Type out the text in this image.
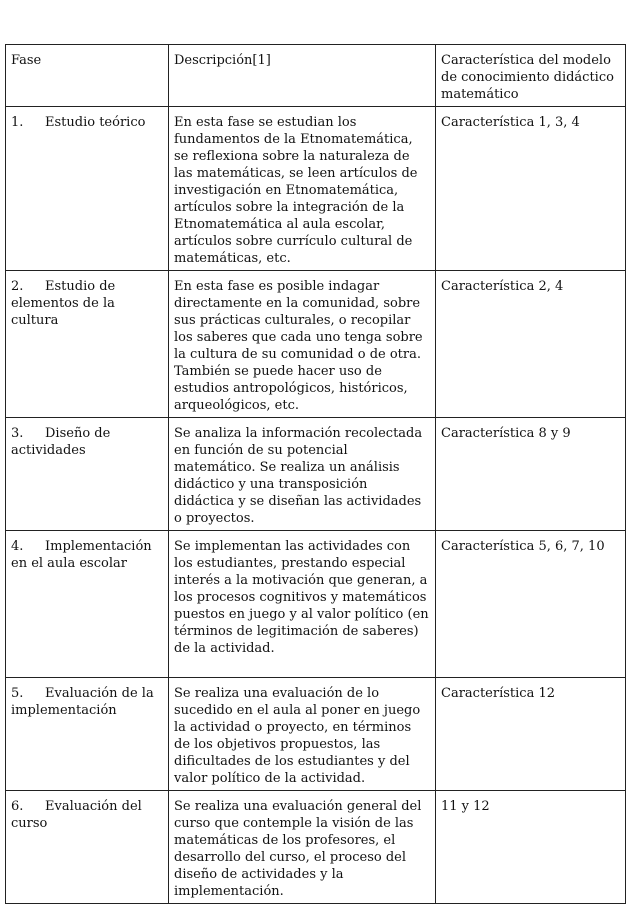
Fase	Descripción[1]	Característica del modelo de conocimiento didáctico matemático
1. Estudio teórico	En esta fase se estudian los fundamentos de la Etnomatemática, se reflexiona sobre la naturaleza de las matemáticas, se leen artículos de investigación en Etnomatemática, artículos sobre la integración de la Etnomatemática al aula escolar, artículos sobre currículo cultural de matemáticas, etc.	Característica 1, 3, 4
2. Estudio de elementos de la cultura	En esta fase es posible indagar directamente en la comunidad, sobre sus prácticas culturales, o recopilar los saberes que cada uno tenga sobre la cultura de su comunidad o de otra. También se puede hacer uso de estudios antropológicos, históricos, arqueológicos, etc.	Característica 2, 4
3. Diseño de actividades	Se analiza la información recolectada en función de su potencial matemático. Se realiza un análisis didáctico y una transposición didáctica y se diseñan las actividades o proyectos.	Característica 8 y 9
4. Implementación en el aula escolar	Se implementan las actividades con los estudiantes, prestando especial interés a la motivación que generan, a los procesos cognitivos y matemáticos puestos en juego y al valor político (en términos de legitimación de saberes) de la actividad.	Característica 5, 6, 7, 10
5. Evaluación de la implementación	Se realiza una evaluación de lo sucedido en el aula al poner en juego la actividad o proyecto, en términos de los objetivos propuestos, las dificultades de los estudiantes y del valor político de la actividad.	Característica 12
6. Evaluación del curso	Se realiza una evaluación general del curso que contemple la visión de las matemáticas de los profesores, el desarrollo del curso, el proceso del diseño de actividades y la implementación.	11 y 12
